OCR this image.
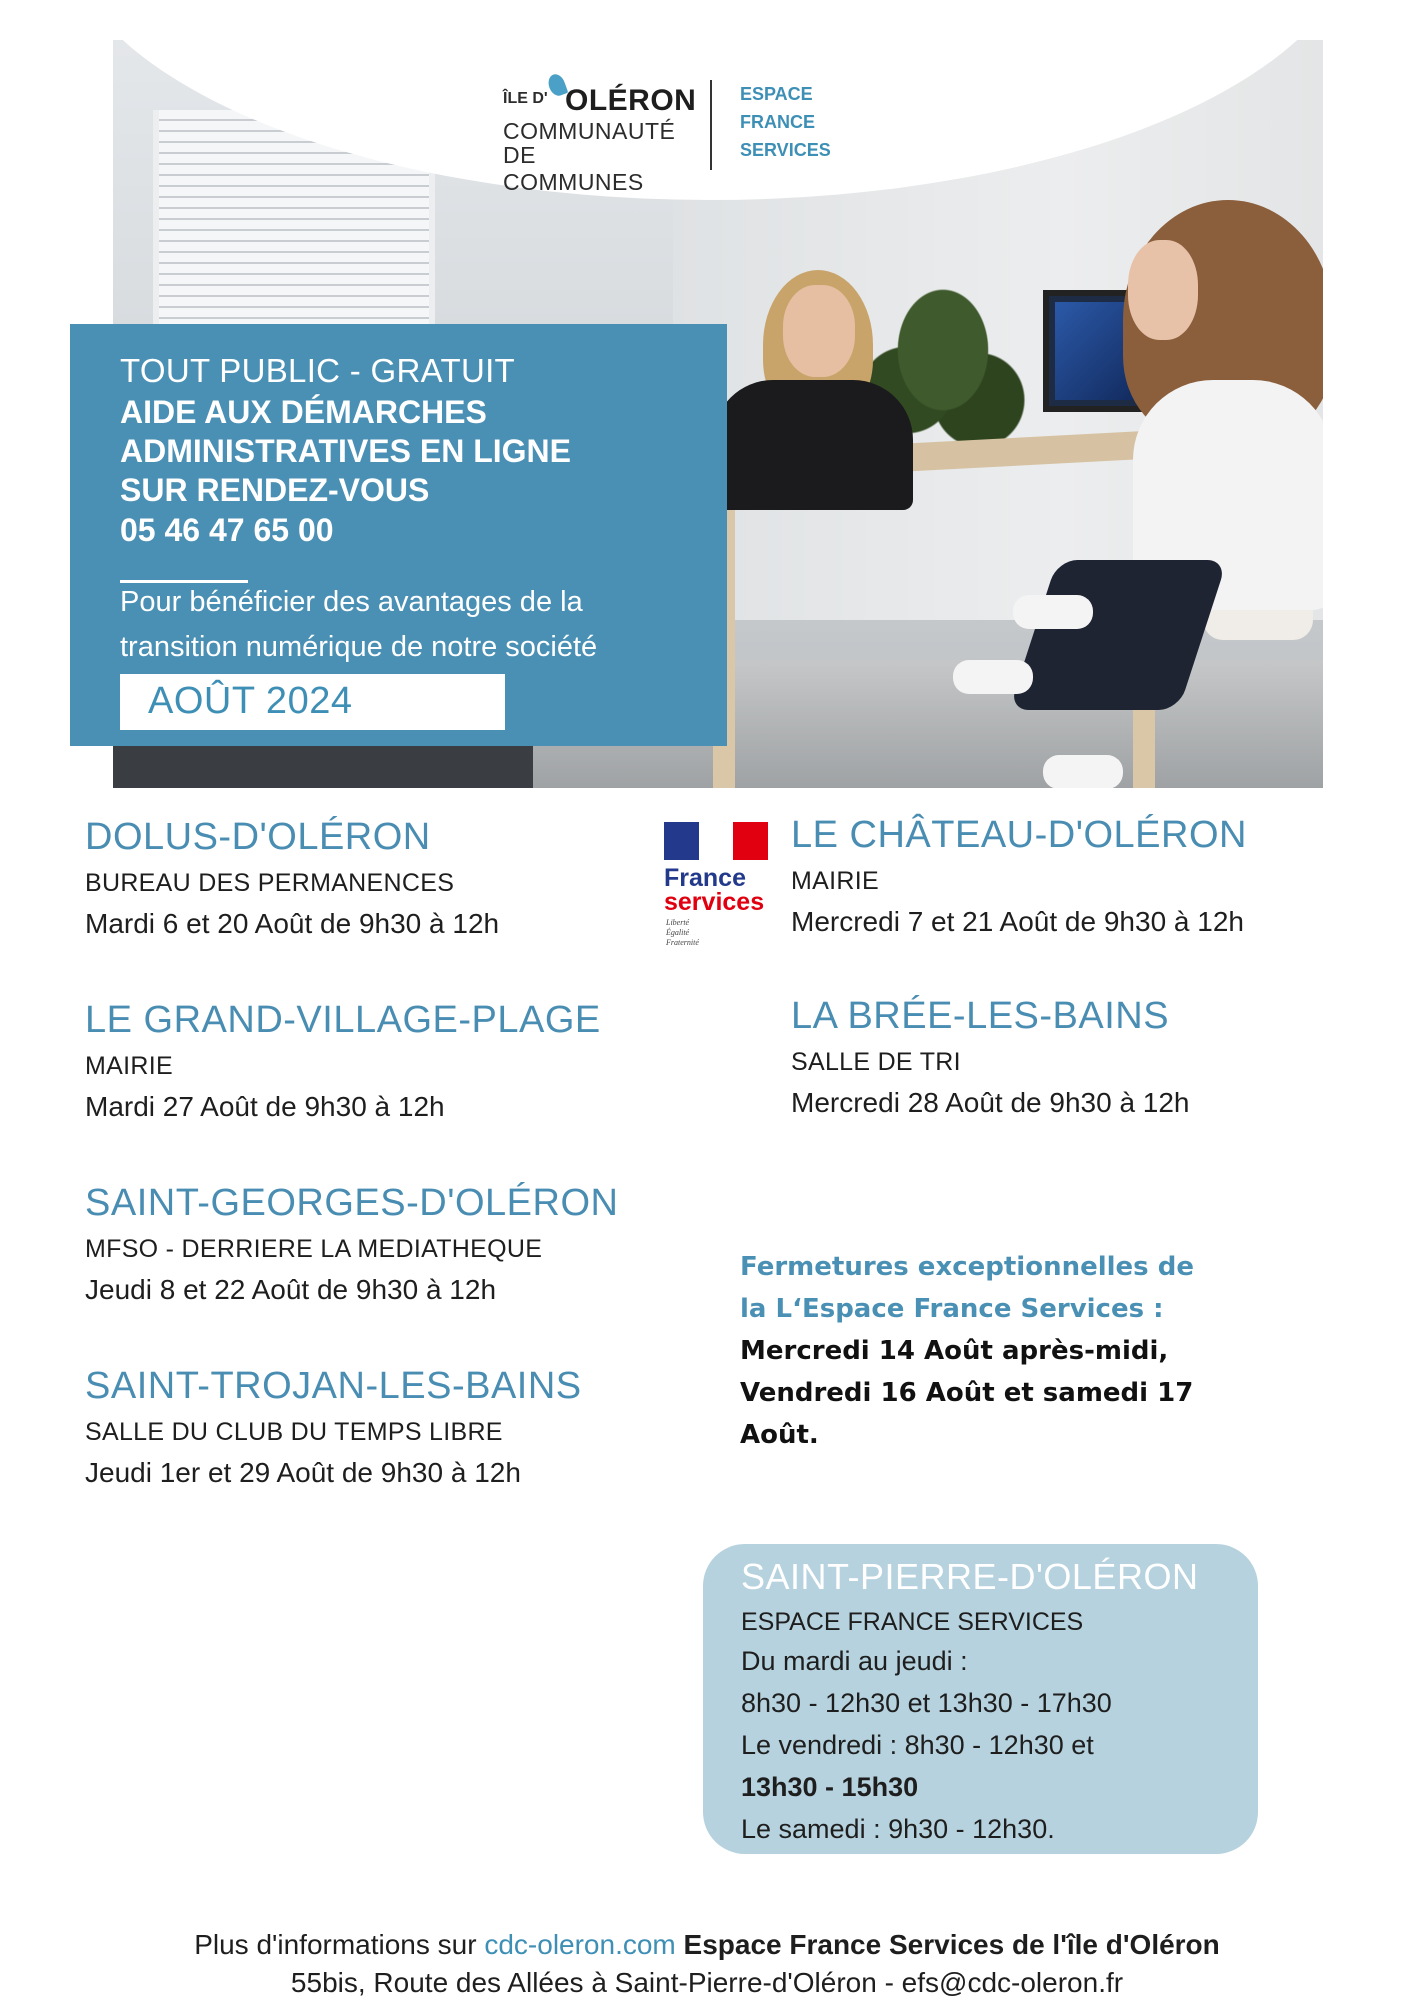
ÎLE D' OLÉRON
COMMUNAUTÉ
DE COMMUNES
ESPACE
FRANCE
SERVICES
TOUT PUBLIC - GRATUIT
AIDE AUX DÉMARCHES
ADMINISTRATIVES EN LIGNE
SUR RENDEZ-VOUS
05 46 47 65 00
Pour bénéficier des avantages de la
transition numérique de notre société
AOÛT 2024
DOLUS-D'OLÉRON
BUREAU DES PERMANENCES
Mardi 6 et 20 Août de 9h30 à 12h
LE GRAND-VILLAGE-PLAGE
MAIRIE
Mardi 27 Août de 9h30 à 12h
SAINT-GEORGES-D'OLÉRON
MFSO - DERRIERE LA MEDIATHEQUE
Jeudi 8 et 22 Août de 9h30 à 12h
SAINT-TROJAN-LES-BAINS
SALLE DU CLUB DU TEMPS LIBRE
Jeudi 1er et 29 Août de 9h30 à 12h
France
services
Liberté
Égalité
Fraternité
LE CHÂTEAU-D'OLÉRON
MAIRIE
Mercredi 7 et 21 Août de 9h30 à 12h
LA BRÉE-LES-BAINS
SALLE DE TRI
Mercredi 28 Août de 9h30 à 12h
Fermetures exceptionnelles de
la L‘Espace France Services :
Mercredi 14 Août après-midi,
Vendredi 16 Août et samedi 17
Août.
SAINT-PIERRE-D'OLÉRON
ESPACE FRANCE SERVICES
Du mardi au jeudi :
8h30 - 12h30 et 13h30 - 17h30
Le vendredi : 8h30 - 12h30 et
13h30 - 15h30
Le samedi : 9h30 - 12h30.
Plus d'informations sur cdc-oleron.com Espace France Services de l'île d'Oléron
55bis, Route des Allées à Saint-Pierre-d'Oléron - efs@cdc-oleron.fr
